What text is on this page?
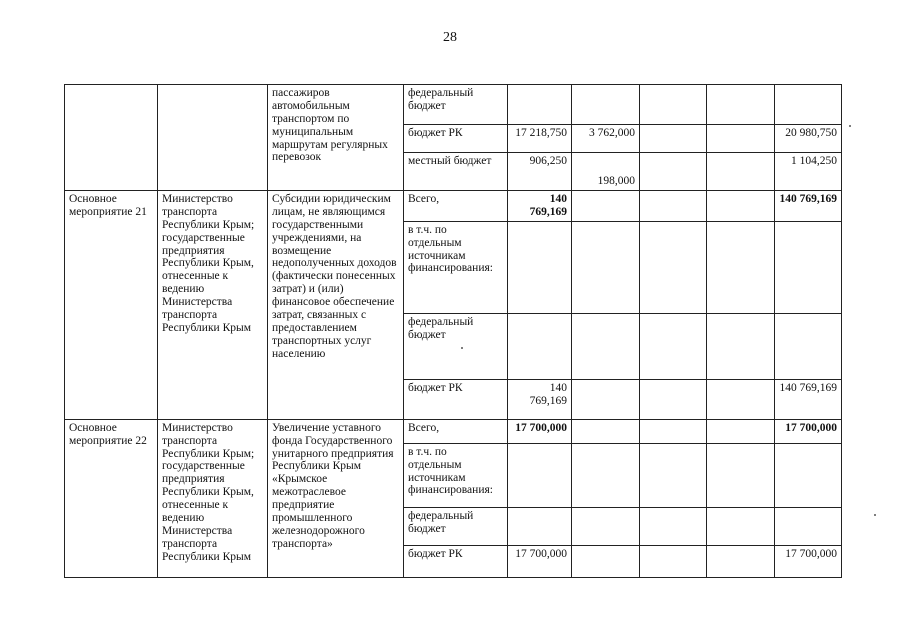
28
		пассажиров автомобильным транспортом по муниципальным маршрутам регулярных перевозок	федеральный бюджет					
			бюджет РК	17 218,750	3 762,000			20 980,750
			местный бюджет	906,250	198,000			1 104,250
Основное мероприятие 21	Министерство транспорта Республики Крым; государственные предприятия Республики Крым, отнесенные к ведению Министерства транспорта Республики Крым	Субсидии юридическим лицам, не являющимся государственными учреждениями, на возмещение недополученных доходов (фактически понесенных затрат) и (или) финансовое обеспечение затрат, связанных с предоставлением транспортных услуг населению	Всего,	140 769,169				140 769,169
			в т.ч. по отдельным источникам финансирования:					
			федеральный бюджет					
			бюджет РК	140 769,169				140 769,169
Основное мероприятие 22	Министерство транспорта Республики Крым; государственные предприятия Республики Крым, отнесенные к ведению Министерства транспорта Республики Крым	Увеличение уставного фонда Государственного унитарного предприятия Республики Крым «Крымское межотраслевое предприятие промышленного железнодорожного транспорта»	Всего,	17 700,000				17 700,000
			в т.ч. по отдельным источникам финансирования:					
			федеральный бюджет					
			бюджет РК	17 700,000				17 700,000
